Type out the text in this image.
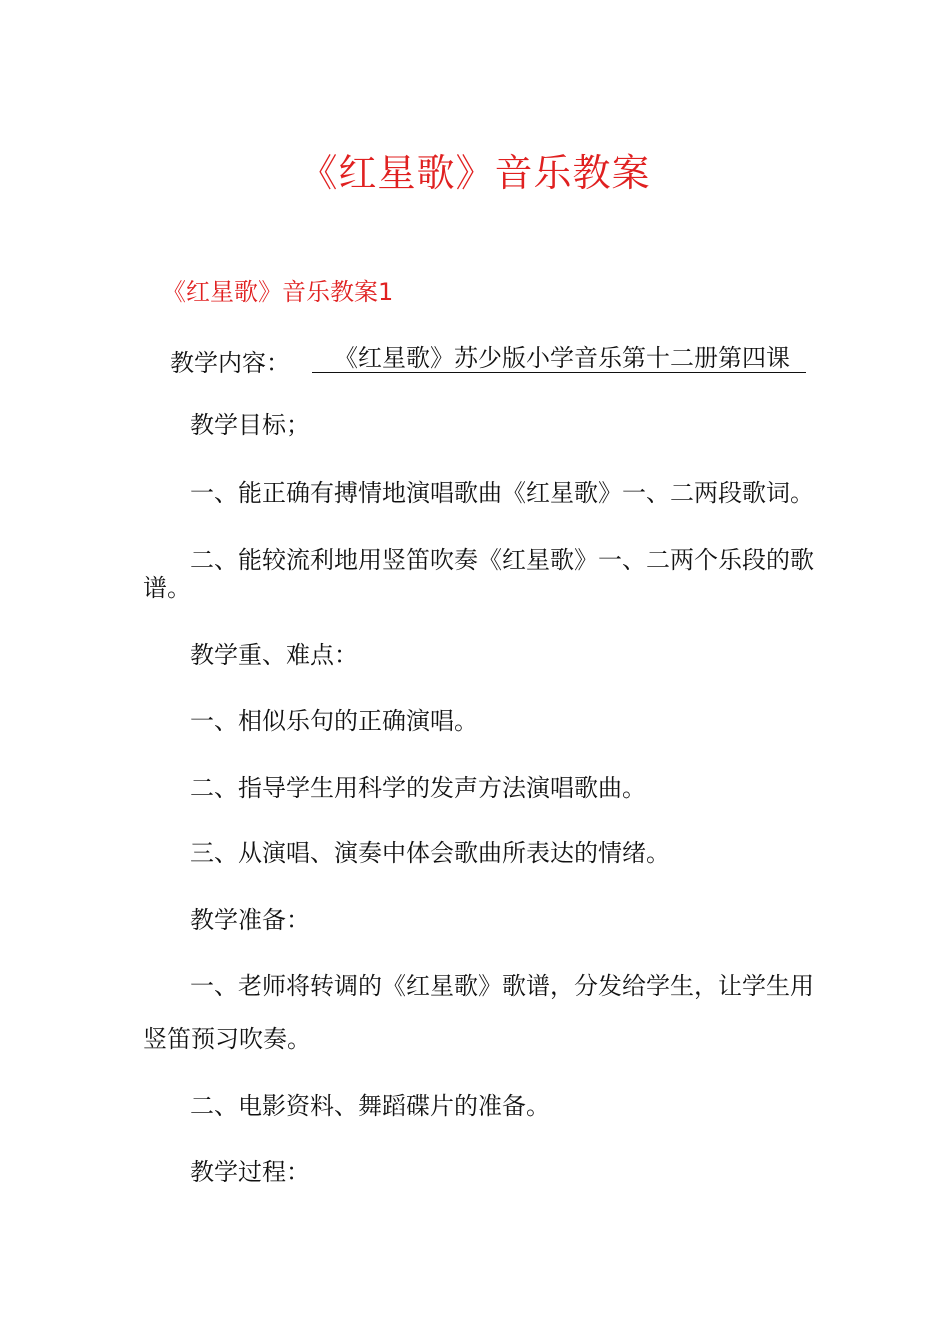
《红星歌》音乐教案
《红星歌》音乐教案1
教学内容：	《红星歌》苏少版小学音乐第十二册第四课
教学目标；
一、能正确有搏情地演唱歌曲《红星歌》一、二两段歌词。
二、能较流利地用竖笛吹奏《红星歌》一、二两个乐段的歌
谱。
教学重、难点：
一、相似乐句的正确演唱。
二、指导学生用科学的发声方法演唱歌曲。
三、从演唱、演奏中体会歌曲所表达的情绪。
教学准备：
一、老师将转调的《红星歌》歌谱，分发给学生，让学生用
竖笛预习吹奏。
二、电影资料、舞蹈碟片的准备。
教学过程：
